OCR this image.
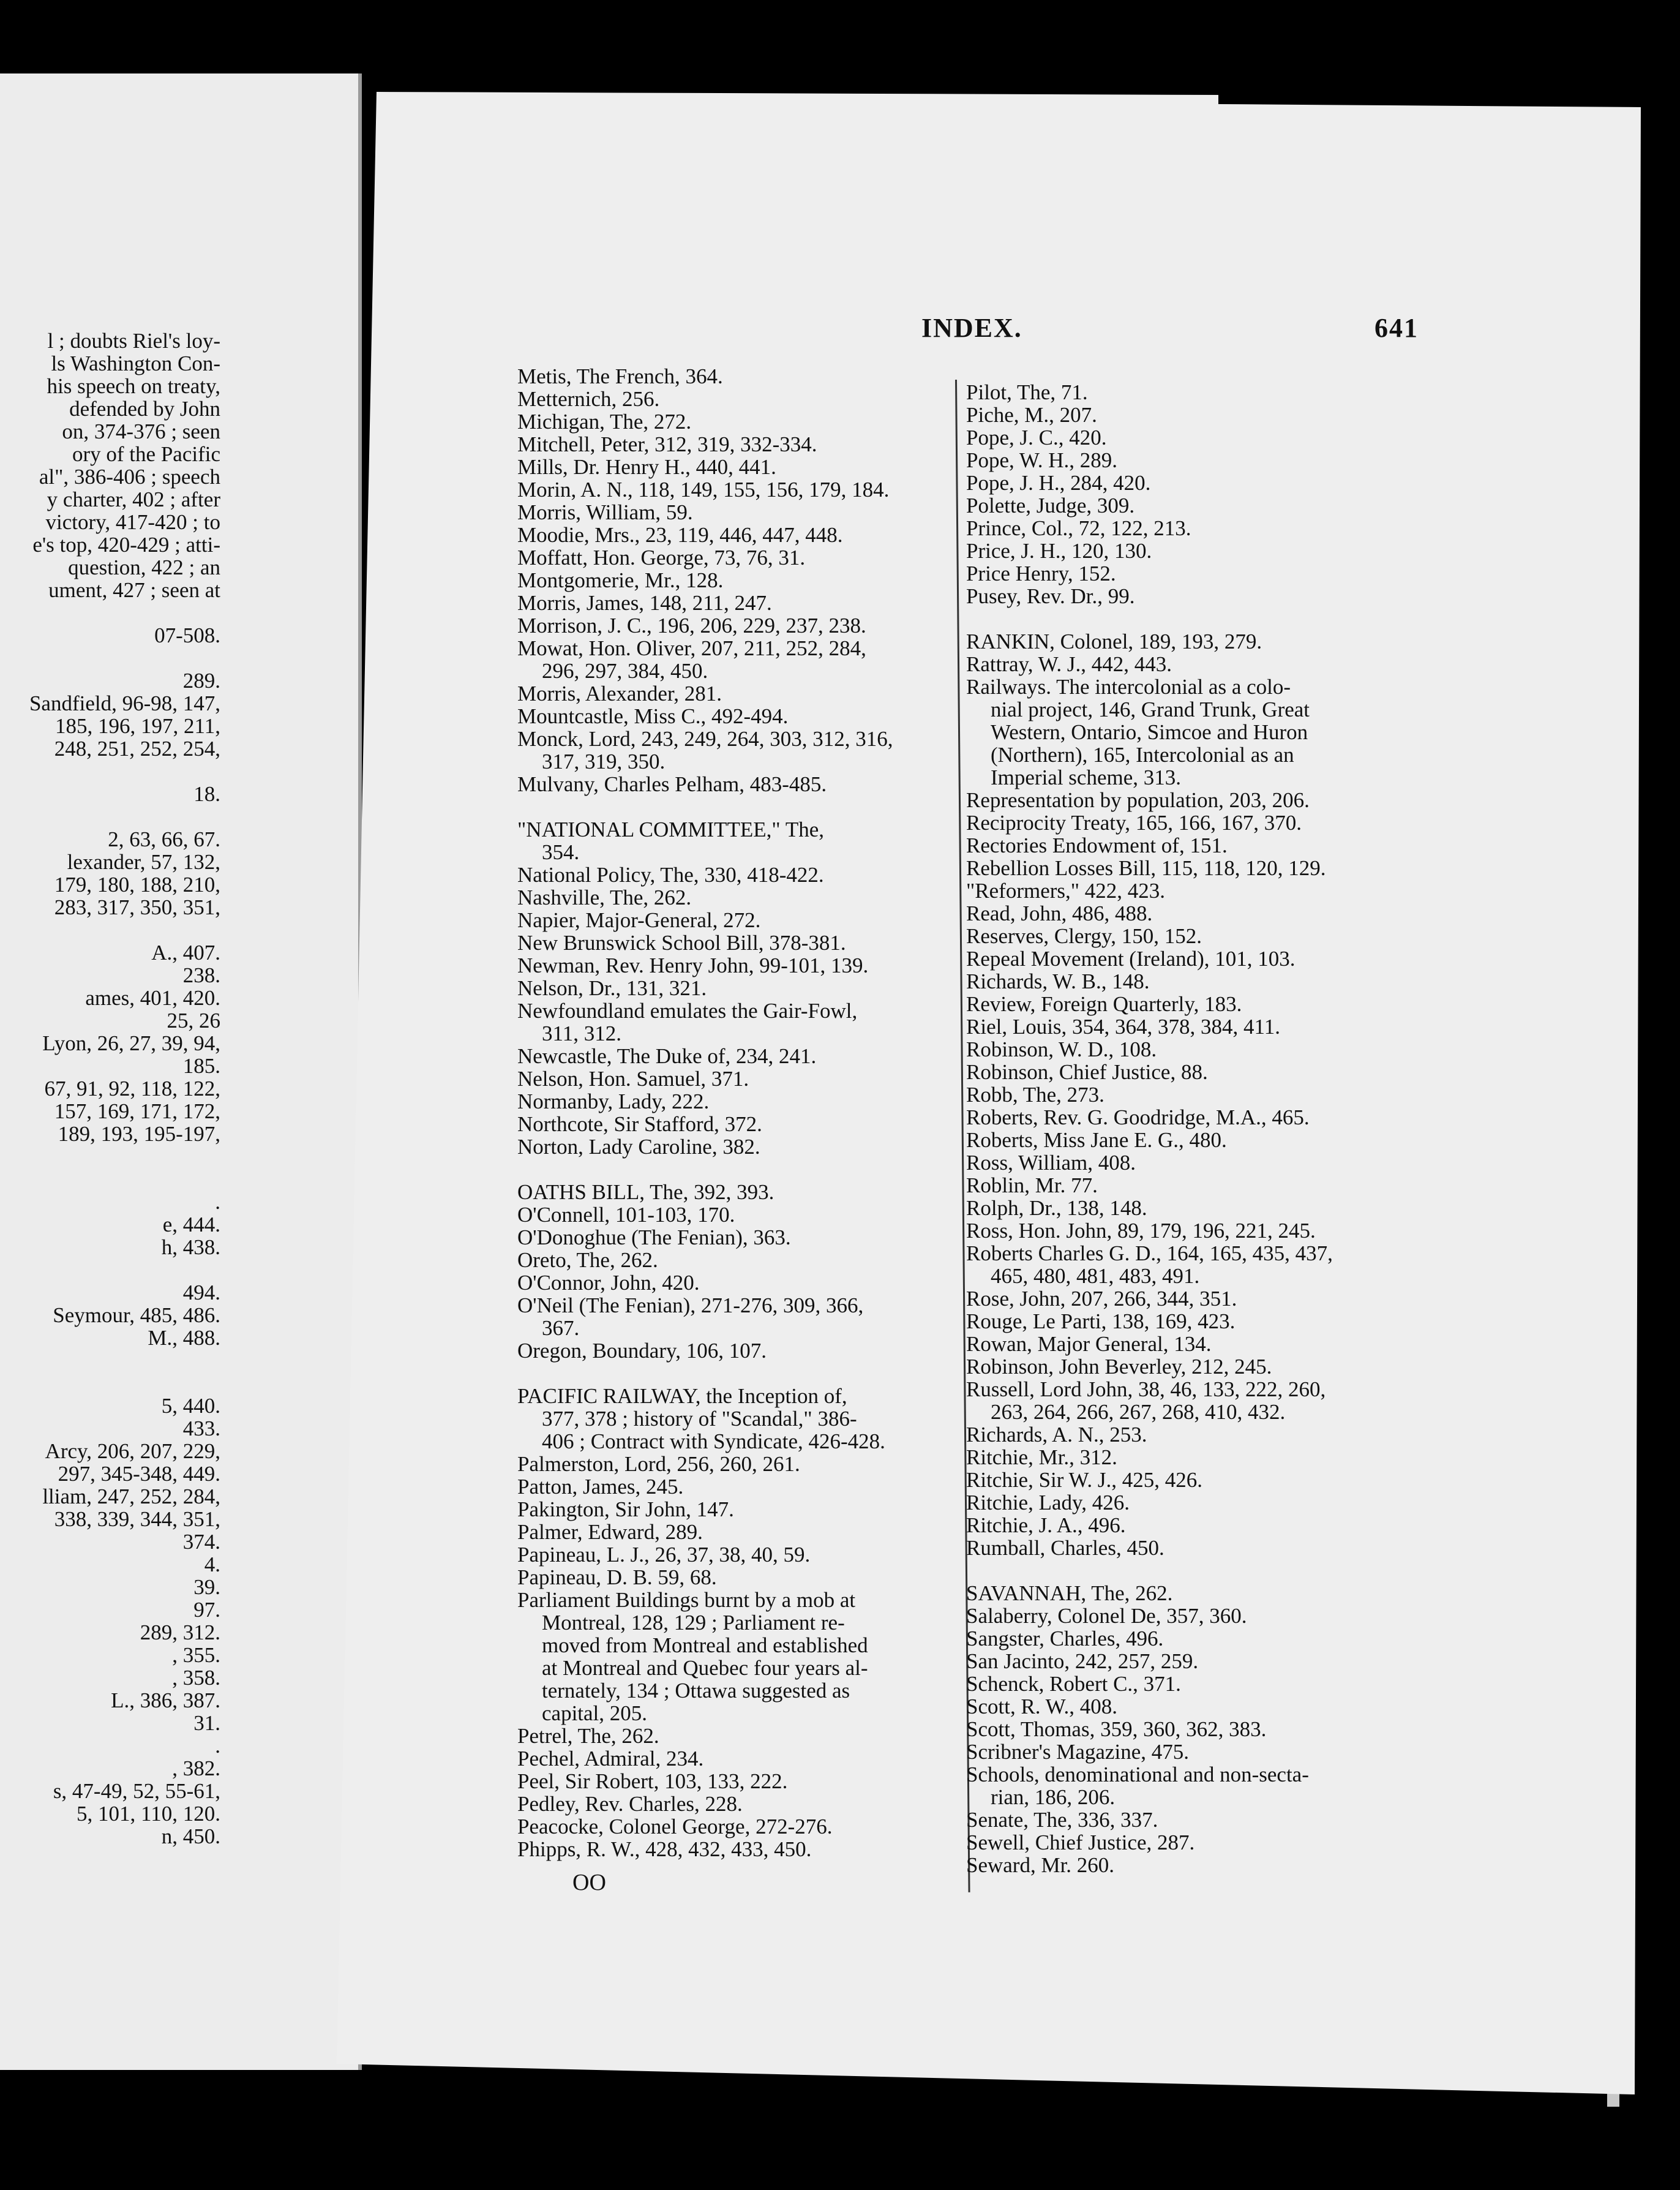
l ; doubts Riel's loy-
ls Washington Con-
his speech on treaty,
defended by John
on, 374-376 ; seen
ory of the Pacific
al", 386-406 ; speech
y charter, 402 ; after
victory, 417-420 ; to
e's top, 420-429 ; atti-
question, 422 ; an
ument, 427 ; seen at
07-508.
289.
Sandfield, 96-98, 147,
185, 196, 197, 211,
248, 251, 252, 254,
18.
2, 63, 66, 67.
lexander, 57, 132,
179, 180, 188, 210,
283, 317, 350, 351,
A., 407.
238.
ames, 401, 420.
25, 26
Lyon, 26, 27, 39, 94,
185.
67, 91, 92, 118, 122,
157, 169, 171, 172,
189, 193, 195-197,
.
e, 444.
h, 438.
494.
Seymour, 485, 486.
M., 488.
5, 440.
433.
Arcy, 206, 207, 229,
297, 345-348, 449.
lliam, 247, 252, 284,
338, 339, 344, 351,
374.
4.
39.
97.
289, 312.
, 355.
, 358.
L., 386, 387.
31.
.
, 382.
s, 47-49, 52, 55-61,
5, 101, 110, 120.
n, 450.
INDEX.	641
Metis, The French, 364.
Metternich, 256.
Michigan, The, 272.
Mitchell, Peter, 312, 319, 332-334.
Mills, Dr. Henry H., 440, 441.
Morin, A. N., 118, 149, 155, 156, 179, 184.
Morris, William, 59.
Moodie, Mrs., 23, 119, 446, 447, 448.
Moffatt, Hon. George, 73, 76, 31.
Montgomerie, Mr., 128.
Morris, James, 148, 211, 247.
Morrison, J. C., 196, 206, 229, 237, 238.
Mowat, Hon. Oliver, 207, 211, 252, 284,
296, 297, 384, 450.
Morris, Alexander, 281.
Mountcastle, Miss C., 492-494.
Monck, Lord, 243, 249, 264, 303, 312, 316,
317, 319, 350.
Mulvany, Charles Pelham, 483-485.
"NATIONAL COMMITTEE," The,
354.
National Policy, The, 330, 418-422.
Nashville, The, 262.
Napier, Major-General, 272.
New Brunswick School Bill, 378-381.
Newman, Rev. Henry John, 99-101, 139.
Nelson, Dr., 131, 321.
Newfoundland emulates the Gair-Fowl,
311, 312.
Newcastle, The Duke of, 234, 241.
Nelson, Hon. Samuel, 371.
Normanby, Lady, 222.
Northcote, Sir Stafford, 372.
Norton, Lady Caroline, 382.
OATHS BILL, The, 392, 393.
O'Connell, 101-103, 170.
O'Donoghue (The Fenian), 363.
Oreto, The, 262.
O'Connor, John, 420.
O'Neil (The Fenian), 271-276, 309, 366,
367.
Oregon, Boundary, 106, 107.
PACIFIC RAILWAY, the Inception of,
377, 378 ; history of "Scandal," 386-
406 ; Contract with Syndicate, 426-428.
Palmerston, Lord, 256, 260, 261.
Patton, James, 245.
Pakington, Sir John, 147.
Palmer, Edward, 289.
Papineau, L. J., 26, 37, 38, 40, 59.
Papineau, D. B. 59, 68.
Parliament Buildings burnt by a mob at
Montreal, 128, 129 ; Parliament re-
moved from Montreal and established
at Montreal and Quebec four years al-
ternately, 134 ; Ottawa suggested as
capital, 205.
Petrel, The, 262.
Pechel, Admiral, 234.
Peel, Sir Robert, 103, 133, 222.
Pedley, Rev. Charles, 228.
Peacocke, Colonel George, 272-276.
Phipps, R. W., 428, 432, 433, 450.
Pilot, The, 71.
Piche, M., 207.
Pope, J. C., 420.
Pope, W. H., 289.
Pope, J. H., 284, 420.
Polette, Judge, 309.
Prince, Col., 72, 122, 213.
Price, J. H., 120, 130.
Price Henry, 152.
Pusey, Rev. Dr., 99.
RANKIN, Colonel, 189, 193, 279.
Rattray, W. J., 442, 443.
Railways. The intercolonial as a colo-
nial project, 146, Grand Trunk, Great
Western, Ontario, Simcoe and Huron
(Northern), 165, Intercolonial as an
Imperial scheme, 313.
Representation by population, 203, 206.
Reciprocity Treaty, 165, 166, 167, 370.
Rectories Endowment of, 151.
Rebellion Losses Bill, 115, 118, 120, 129.
"Reformers," 422, 423.
Read, John, 486, 488.
Reserves, Clergy, 150, 152.
Repeal Movement (Ireland), 101, 103.
Richards, W. B., 148.
Review, Foreign Quarterly, 183.
Riel, Louis, 354, 364, 378, 384, 411.
Robinson, W. D., 108.
Robinson, Chief Justice, 88.
Robb, The, 273.
Roberts, Rev. G. Goodridge, M.A., 465.
Roberts, Miss Jane E. G., 480.
Ross, William, 408.
Roblin, Mr. 77.
Rolph, Dr., 138, 148.
Ross, Hon. John, 89, 179, 196, 221, 245.
Roberts Charles G. D., 164, 165, 435, 437,
465, 480, 481, 483, 491.
Rose, John, 207, 266, 344, 351.
Rouge, Le Parti, 138, 169, 423.
Rowan, Major General, 134.
Robinson, John Beverley, 212, 245.
Russell, Lord John, 38, 46, 133, 222, 260,
263, 264, 266, 267, 268, 410, 432.
Richards, A. N., 253.
Ritchie, Mr., 312.
Ritchie, Sir W. J., 425, 426.
Ritchie, Lady, 426.
Ritchie, J. A., 496.
Rumball, Charles, 450.
SAVANNAH, The, 262.
Salaberry, Colonel De, 357, 360.
Sangster, Charles, 496.
San Jacinto, 242, 257, 259.
Schenck, Robert C., 371.
Scott, R. W., 408.
Scott, Thomas, 359, 360, 362, 383.
Scribner's Magazine, 475.
Schools, denominational and non-secta-
rian, 186, 206.
Senate, The, 336, 337.
Sewell, Chief Justice, 287.
Seward, Mr. 260.
OO
